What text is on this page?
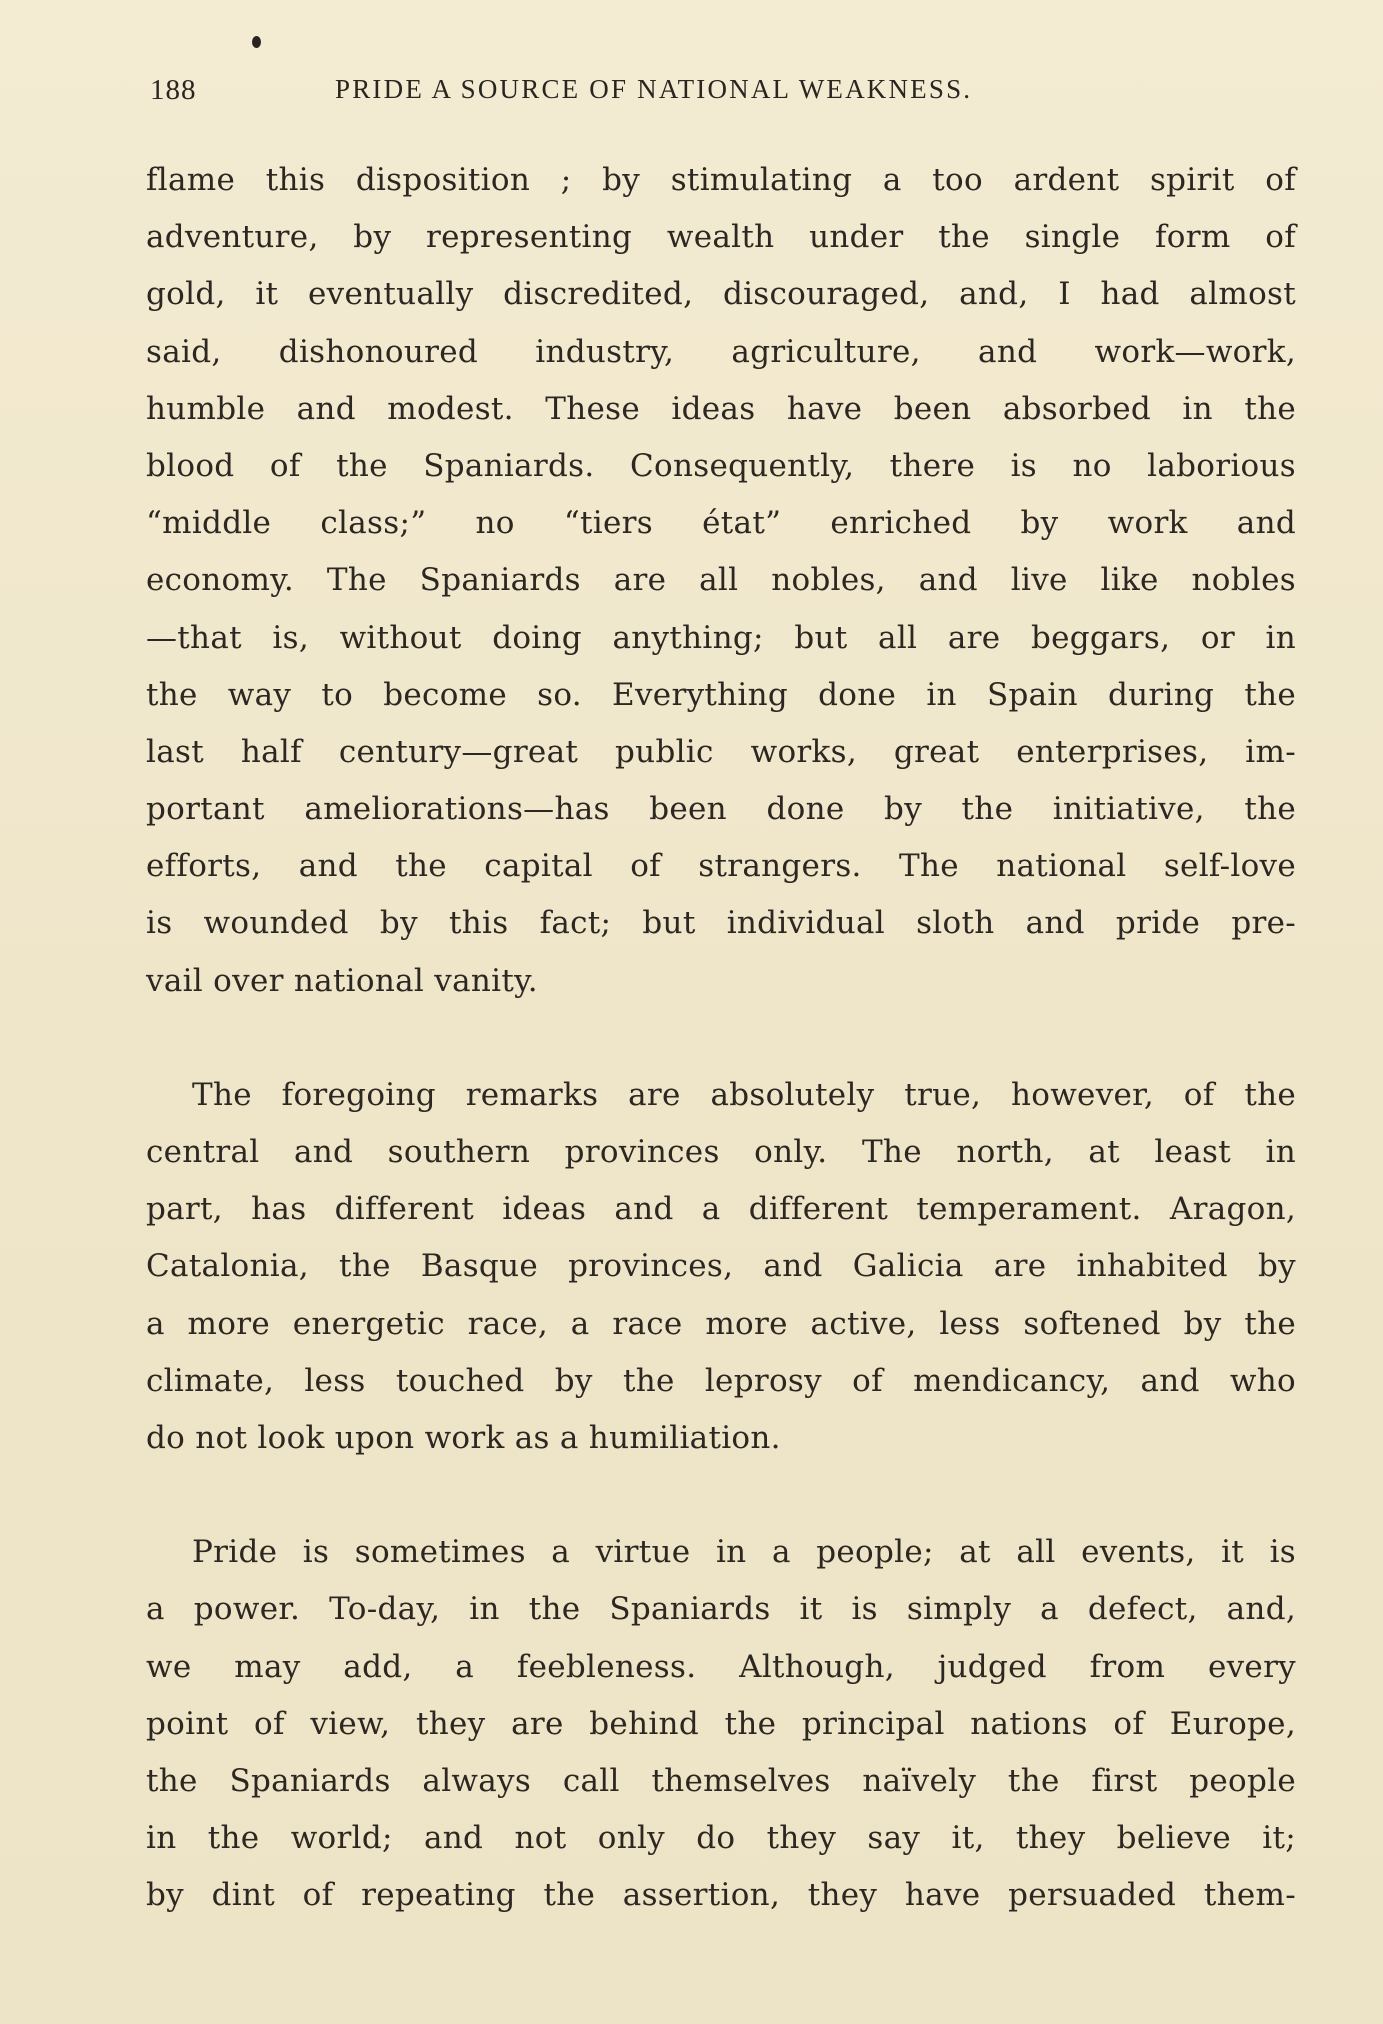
188	PRIDE A SOURCE OF NATIONAL WEAKNESS.
flame this disposition ; by stimulating a too ardent spirit of
adventure, by representing wealth under the single form of
gold, it eventually discredited, discouraged, and, I had almost
said, dishonoured industry, agriculture, and work—work,
humble and modest. These ideas have been absorbed in the
blood of the Spaniards. Consequently, there is no laborious
“middle class;” no “tiers état” enriched by work and
economy. The Spaniards are all nobles, and live like nobles
—that is, without doing anything; but all are beggars, or in
the way to become so. Everything done in Spain during the
last half century—great public works, great enterprises, im-
portant ameliorations—has been done by the initiative, the
efforts, and the capital of strangers. The national self-love
is wounded by this fact; but individual sloth and pride pre-
vail over national vanity.
The foregoing remarks are absolutely true, however, of the
central and southern provinces only. The north, at least in
part, has different ideas and a different temperament. Aragon,
Catalonia, the Basque provinces, and Galicia are inhabited by
a more energetic race, a race more active, less softened by the
climate, less touched by the leprosy of mendicancy, and who
do not look upon work as a humiliation.
Pride is sometimes a virtue in a people; at all events, it is
a power. To-day, in the Spaniards it is simply a defect, and,
we may add, a feebleness. Although, judged from every
point of view, they are behind the principal nations of Europe,
the Spaniards always call themselves naïvely the first people
in the world; and not only do they say it, they believe it;
by dint of repeating the assertion, they have persuaded them-
